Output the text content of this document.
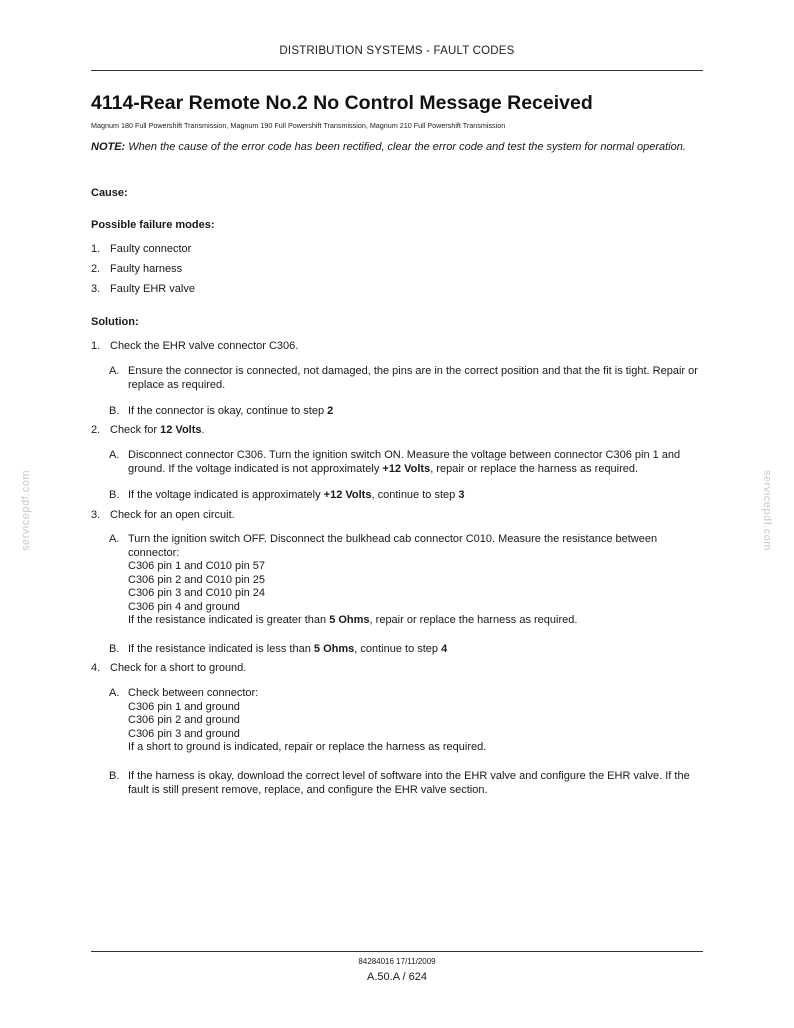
DISTRIBUTION SYSTEMS - FAULT CODES
4114-Rear Remote No.2 No Control Message Received
Magnum 180 Full Powershift Transmission, Magnum 190 Full Powershift Transmission, Magnum 210 Full Powershift Transmission
NOTE: When the cause of the error code has been rectified, clear the error code and test the system for normal operation.
Cause:
Possible failure modes:
1. Faulty connector
2. Faulty harness
3. Faulty EHR valve
Solution:
1. Check the EHR valve connector C306.
A. Ensure the connector is connected, not damaged, the pins are in the correct position and that the fit is tight. Repair or replace as required.
B. If the connector is okay, continue to step 2
2. Check for 12 Volts.
A. Disconnect connector C306. Turn the ignition switch ON. Measure the voltage between connector C306 pin 1 and ground. If the voltage indicated is not approximately +12 Volts, repair or replace the harness as required.
B. If the voltage indicated is approximately +12 Volts, continue to step 3
3. Check for an open circuit.
A. Turn the ignition switch OFF. Disconnect the bulkhead cab connector C010. Measure the resistance between connector:
C306 pin 1 and C010 pin 57
C306 pin 2 and C010 pin 25
C306 pin 3 and C010 pin 24
C306 pin 4 and ground
If the resistance indicated is greater than 5 Ohms, repair or replace the harness as required.
B. If the resistance indicated is less than 5 Ohms, continue to step 4
4. Check for a short to ground.
A. Check between connector:
C306 pin 1 and ground
C306 pin 2 and ground
C306 pin 3 and ground
If a short to ground is indicated, repair or replace the harness as required.
B. If the harness is okay, download the correct level of software into the EHR valve and configure the EHR valve. If the fault is still present remove, replace, and configure the EHR valve section.
servicepdf.com	servicepdf.com
84284016 17/11/2009
A.50.A / 624
